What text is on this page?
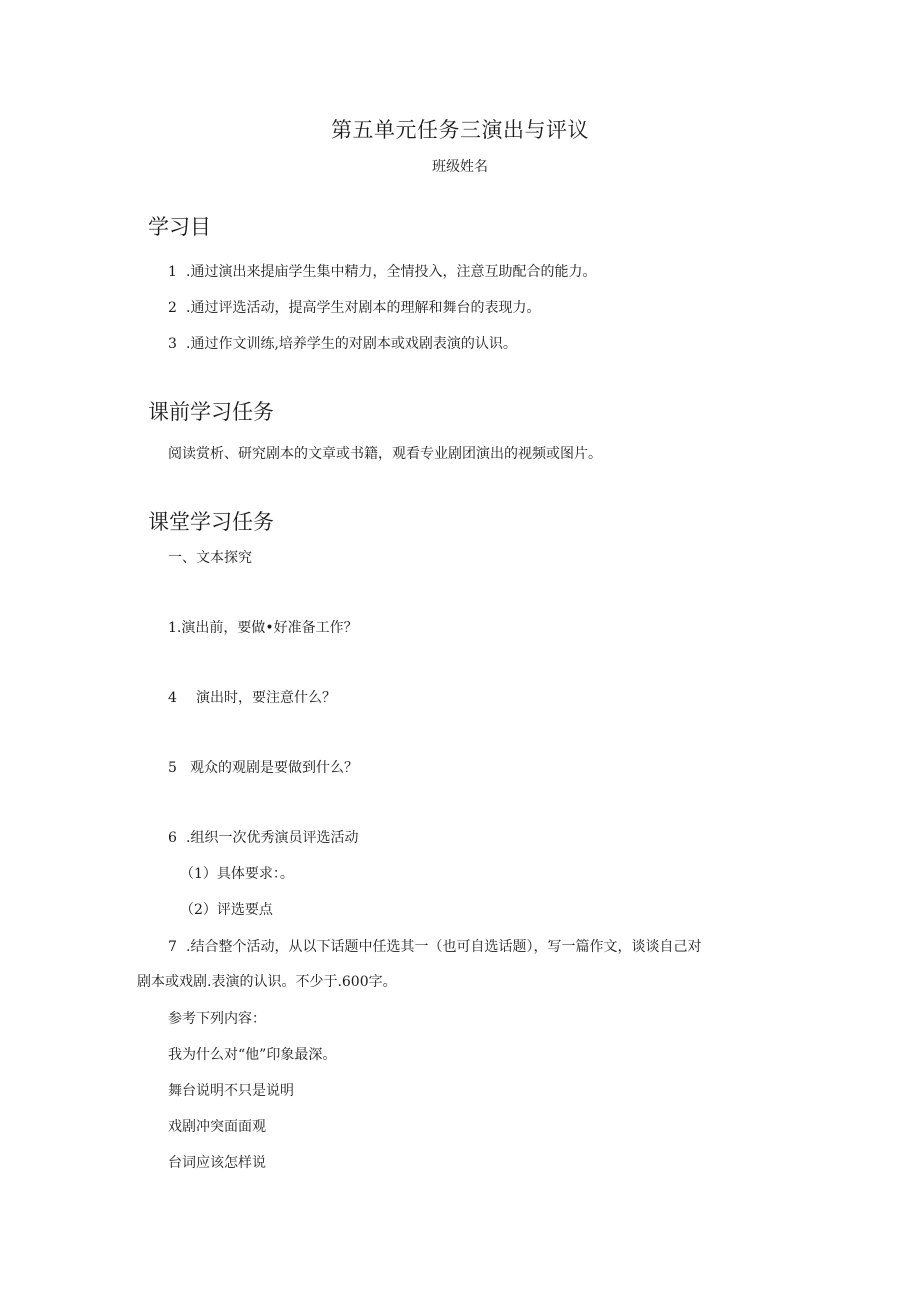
第五单元任务三演出与评议
班级姓名
学习目
1 .通过演出来提庙学生集中精力，全情投入，注意互助配合的能力。
2 .通过评选活动，提高学生对剧本的理解和舞台的表现力。
3 .通过作文训练,培养学生的对剧本或戏剧表演的认识。
课前学习任务
阅读赏析、研究剧本的文章或书籍，观看专业剧团演出的视频或图片。
课堂学习任务
一、文本探究
1.演出前，要做•好准备工作？
4 演出时，要注意什么？
5 观众的观剧是要做到什么？
6 .组织一次优秀演员评选活动
（1）具体要求：。
（2）评选要点
7 .结合整个活动，从以下话题中任选其一（也可自选话题），写一篇作文，谈谈自己对
剧本或戏剧.表演的认识。不少于.600字。
参考下列内容：
我为什么对“他”印象最深。
舞台说明不只是说明
戏剧冲突面面观
台词应该怎样说
